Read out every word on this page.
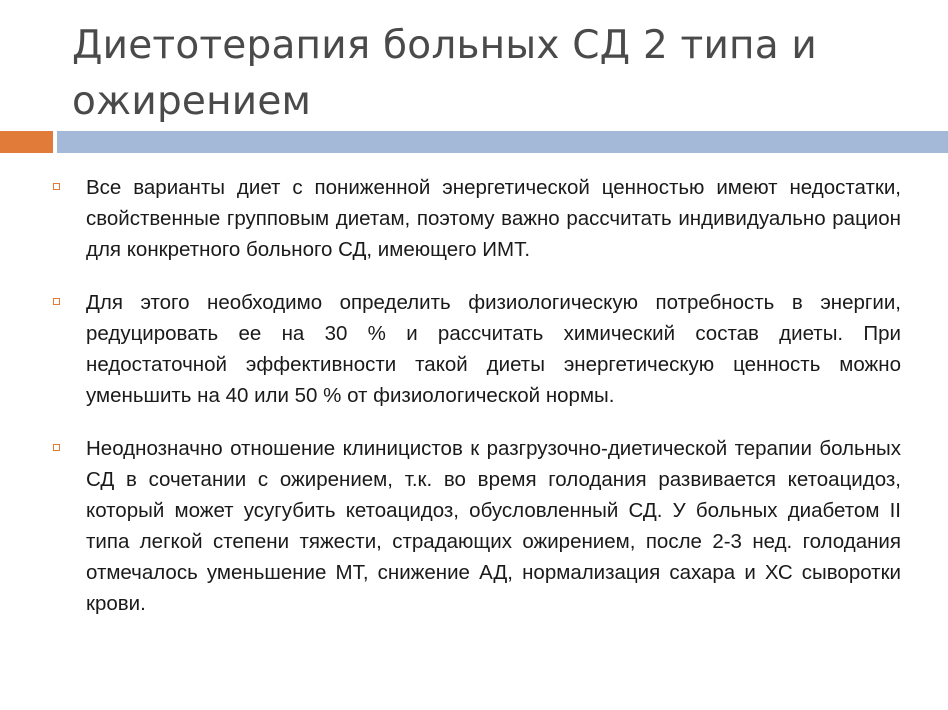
Диетотерапия больных СД 2 типа и ожирением
Все варианты диет с пониженной энергетической ценностью имеют недостатки, свойственные групповым диетам, поэтому важно рассчитать индивидуально рацион для конкретного больного СД, имеющего ИМТ.
Для этого необходимо определить физиологическую потребность в энергии, редуцировать ее на 30 % и рассчитать химический состав диеты. При недостаточной эффективности такой диеты энергетическую ценность можно уменьшить на 40 или 50 % от физиологической нормы.
Неоднозначно отношение клиницистов к разгрузочно-диетической терапии больных СД в сочетании с ожирением, т.к. во время голодания развивается кетоацидоз, который может усугубить кетоацидоз, обусловленный СД. У больных диабетом II типа легкой степени тяжести, страдающих ожирением, после 2-3 нед. голодания отмечалось уменьшение МТ, снижение АД, нормализация сахара и ХС сыворотки крови.
